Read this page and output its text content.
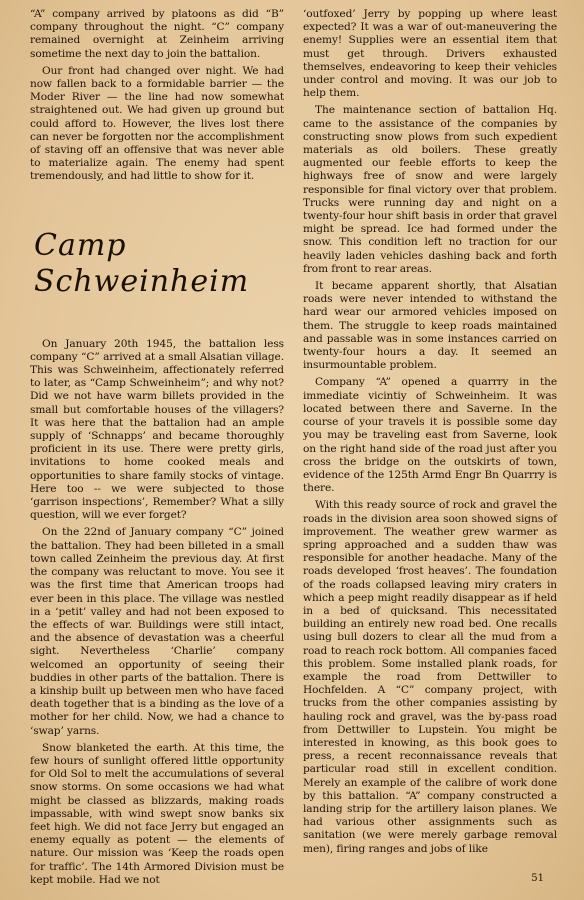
“A” company arrived by platoons as did “B” company throughout the night. “C” company remained overnight at Zeinheim arriving sometime the next day to join the battalion.

Our front had changed over night. We had now fallen back to a formidable barrier — the Moder River — the line had now somewhat straightened out. We had given up ground but could afford to. However, the lives lost there can never be forgotten nor the accomplishment of staving off an offensive that was never able to materialize again. The enemy had spent tremendously, and had little to show for it.

Camp Schweinheim

On January 20th 1945, the battalion less company “C” arrived at a small Alsatian village. This was Schweinheim, affectionately referred to later, as “Camp Schweinheim”; and why not? Did we not have warm billets provided in the small but comfortable houses of the villagers? It was here that the battalion had an ample supply of ‘Schnapps’ and became thoroughly proficient in its use. There were pretty girls, invitations to home cooked meals and opportunities to share family stocks of vintage. Here too -- we were subjected to those ‘garrison inspections’, Remember? What a silly question, will we ever forget?

On the 22nd of January company “C” joined the battalion. They had been billeted in a small town called Zeinheim the previous day. At first the company was reluctant to move. You see it was the first time that American troops had ever been in this place. The village was nestled in a ‘petit’ valley and had not been exposed to the effects of war. Buildings were still intact, and the absence of devastation was a cheerful sight. Nevertheless ‘Charlie’ company welcomed an opportunity of seeing their buddies in other parts of the battalion. There is a kinship built up between men who have faced death together that is a binding as the love of a mother for her child. Now, we had a chance to ‘swap’ yarns.

Snow blanketed the earth. At this time, the few hours of sunlight offered little opportunity for Old Sol to melt the accumulations of several snow storms. On some occasions we had what might be classed as blizzards, making roads impassable, with wind swept snow banks six feet high. We did not face Jerry but engaged an enemy equally as potent — the elements of nature. Our mission was ‘Keep the roads open for traffic’. The 14th Armored Division must be kept mobile. Had we not

‘outfoxed’ Jerry by popping up where least expected? It was a war of out-maneuvering the enemy! Supplies were an essential item that must get through. Drivers exhausted themselves, endeavoring to keep their vehicles under control and moving. It was our job to help them.

The maintenance section of battalion Hq. came to the assistance of the companies by constructing snow plows from such expedient materials as old boilers. These greatly augmented our feeble efforts to keep the highways free of snow and were largely responsible for final victory over that problem. Trucks were running day and night on a twenty-four hour shift basis in order that gravel might be spread. Ice had formed under the snow. This condition left no traction for our heavily laden vehicles dashing back and forth from front to rear areas.

It became apparent shortly, that Alsatian roads were never intended to withstand the hard wear our armored vehicles imposed on them. The struggle to keep roads maintained and passable was in some instances carried on twenty-four hours a day. It seemed an insurmountable problem.

Company “A” opened a quarrry in the immediate vicintiy of Schweinheim. It was located between there and Saverne. In the course of your travels it is possible some day you may be traveling east from Saverne, look on the right hand side of the road just after you cross the bridge on the outskirts of town, evidence of the 125th Armd Engr Bn Quarrry is there.

With this ready source of rock and gravel the roads in the division area soon showed signs of improvement. The weather grew warmer as spring approached and a sudden thaw was responsible for another headache. Many of the roads developed ‘frost heaves’. The foundation of the roads collapsed leaving miry craters in which a peep might readily disappear as if held in a bed of quicksand. This necessitated building an entirely new road bed. One recalls using bull dozers to clear all the mud from a road to reach rock bottom. All companies faced this problem. Some installed plank roads, for example the road from Dettwiller to Hochfelden. A “C” company project, with trucks from the other companies assisting by hauling rock and gravel, was the by-pass road from Dettwiller to Lupstein. You might be interested in knowing, as this book goes to press, a recent reconnaissance reveals that particular road still in excellent condition. Merely an example of the calibre of work done by this battalion. “A” company constructed a landing strip for the artillery laison planes. We had various other assignments such as sanitation (we were merely garbage removal men), firing ranges and jobs of like

51
